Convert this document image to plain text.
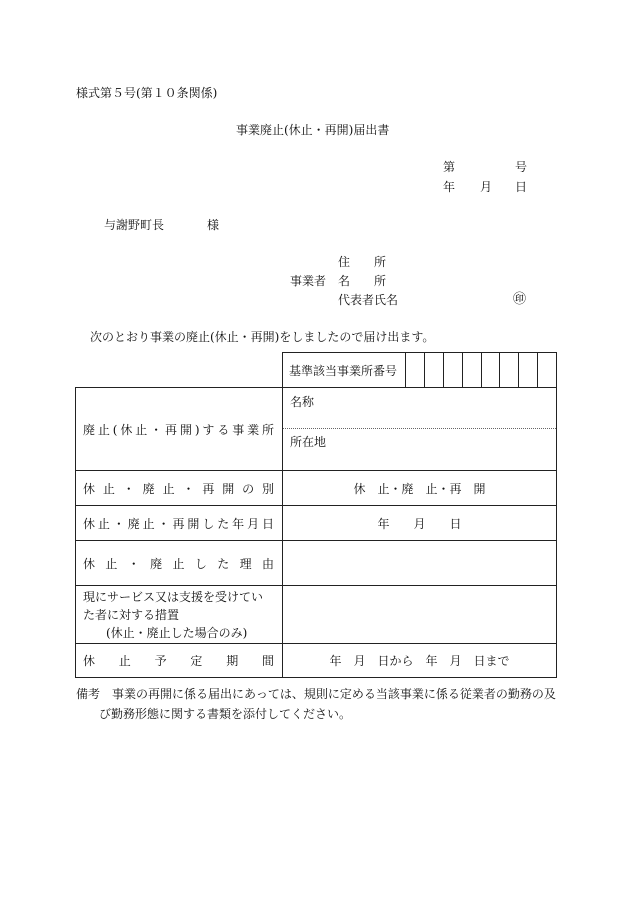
様式第５号(第１０条関係)
事業廃止(休止・再開)届出書
第	号
年 月 日
与謝野町長	様
住　　所
事業者 名　　所
代表者氏名	㊞
次のとおり事業の廃止(休止・再開)をしましたので届け出ます。
	基準該当事業所番号								

廃止(休止・再開)する事業所	名称
所在地								

休止・廃止・再開の別	休　止・廃　止・再　開								

休止・廃止・再開した年月日	年　　月　　日								

休止・廃止した理由									

現にサービス又は支援を受けてい
た者に対する措置
(休止・廃止した場合のみ)									

休止予定期間	年　月　日から　年　月　日まで								
備考 事業の再開に係る届出にあっては、規則に定める当該事業に係る従業者の勤務の及
び勤務形態に関する書類を添付してください。
